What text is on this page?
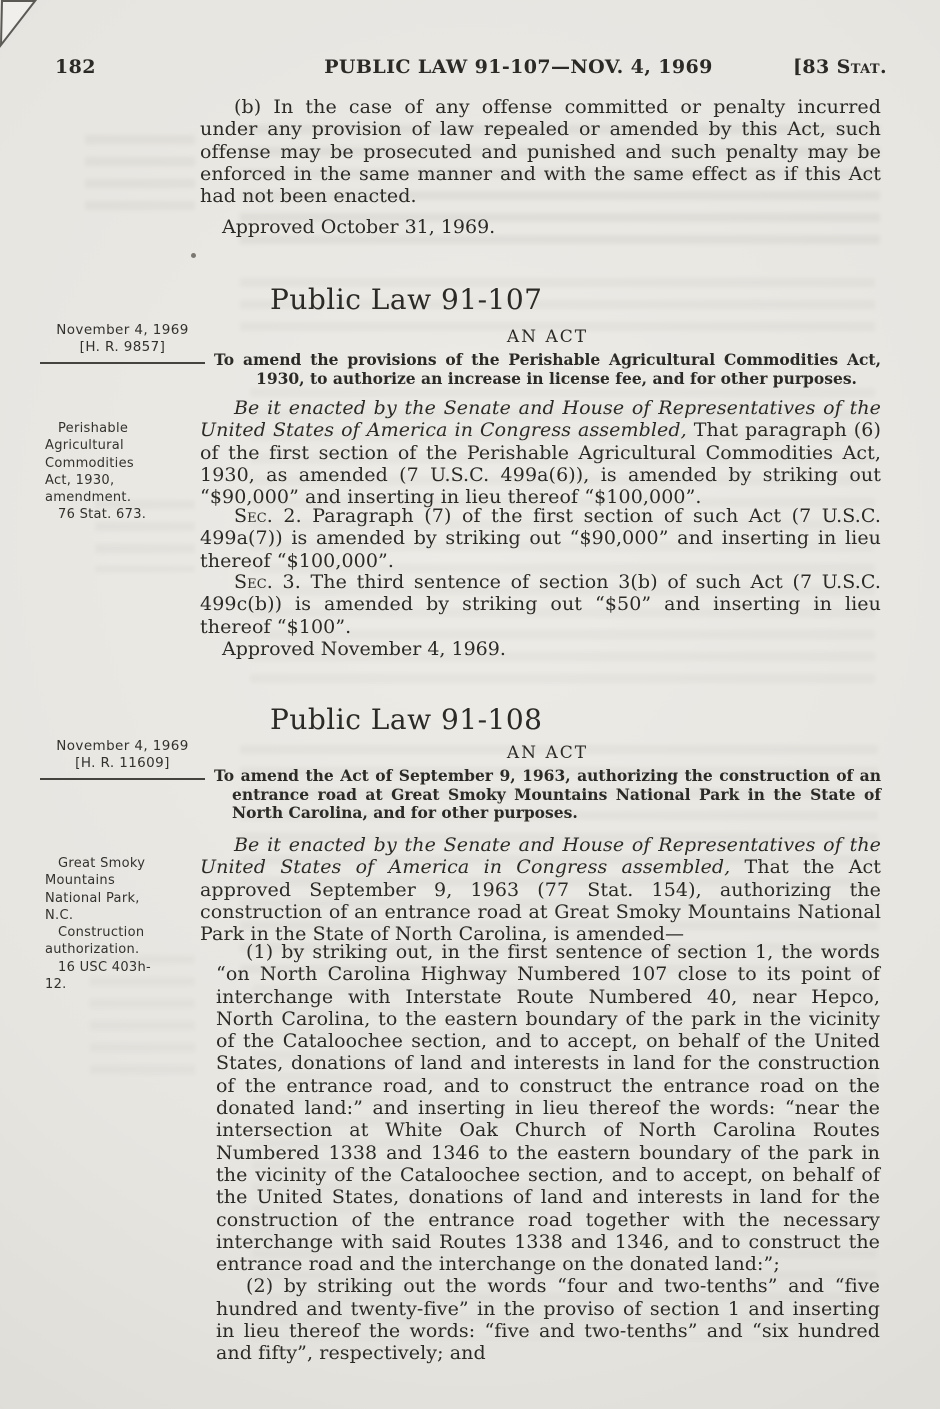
182	PUBLIC LAW 91-107—NOV. 4, 1969	[83 Stat.

(b) In the case of any offense committed or penalty incurred under any provision of law repealed or amended by this Act, such offense may be prosecuted and punished and such penalty may be enforced in the same manner and with the same effect as if this Act had not been enacted.

Approved October 31, 1969.

Public Law 91-107
November 4, 1969
[H. R. 9857]	AN ACT

To amend the provisions of the Perishable Agricultural Commodities Act, 1930, to authorize an increase in license fee, and for other purposes.

Perishable
Agricultural
Commodities
Act, 1930,
amendment.
76 Stat. 673.

Be it enacted by the Senate and House of Representatives of the United States of America in Congress assembled, That paragraph (6) of the first section of the Perishable Agricultural Commodities Act, 1930, as amended (7 U.S.C. 499a(6)), is amended by striking out “$90,000” and inserting in lieu thereof “$100,000”.

Sec. 2. Paragraph (7) of the first section of such Act (7 U.S.C. 499a(7)) is amended by striking out “$90,000” and inserting in lieu thereof “$100,000”.

Sec. 3. The third sentence of section 3(b) of such Act (7 U.S.C. 499c(b)) is amended by striking out “$50” and inserting in lieu thereof “$100”.

Approved November 4, 1969.

Public Law 91-108
November 4, 1969
[H. R. 11609]	AN ACT

To amend the Act of September 9, 1963, authorizing the construction of an entrance road at Great Smoky Mountains National Park in the State of North Carolina, and for other purposes.

Great Smoky
Mountains
National Park,
N.C.
Construction
authorization.
16 USC 403h-
12.

Be it enacted by the Senate and House of Representatives of the United States of America in Congress assembled, That the Act approved September 9, 1963 (77 Stat. 154), authorizing the construction of an entrance road at Great Smoky Mountains National Park in the State of North Carolina, is amended—

(1) by striking out, in the first sentence of section 1, the words “on North Carolina Highway Numbered 107 close to its point of interchange with Interstate Route Numbered 40, near Hepco, North Carolina, to the eastern boundary of the park in the vicinity of the Cataloochee section, and to accept, on behalf of the United States, donations of land and interests in land for the construction of the entrance road, and to construct the entrance road on the donated land:” and inserting in lieu thereof the words: “near the intersection at White Oak Church of North Carolina Routes Numbered 1338 and 1346 to the eastern boundary of the park in the vicinity of the Cataloochee section, and to accept, on behalf of the United States, donations of land and interests in land for the construction of the entrance road together with the necessary interchange with said Routes 1338 and 1346, and to construct the entrance road and the interchange on the donated land:”;

(2) by striking out the words “four and two-tenths” and “five hundred and twenty-five” in the proviso of section 1 and inserting in lieu thereof the words: “five and two-tenths” and “six hundred and fifty”, respectively; and
